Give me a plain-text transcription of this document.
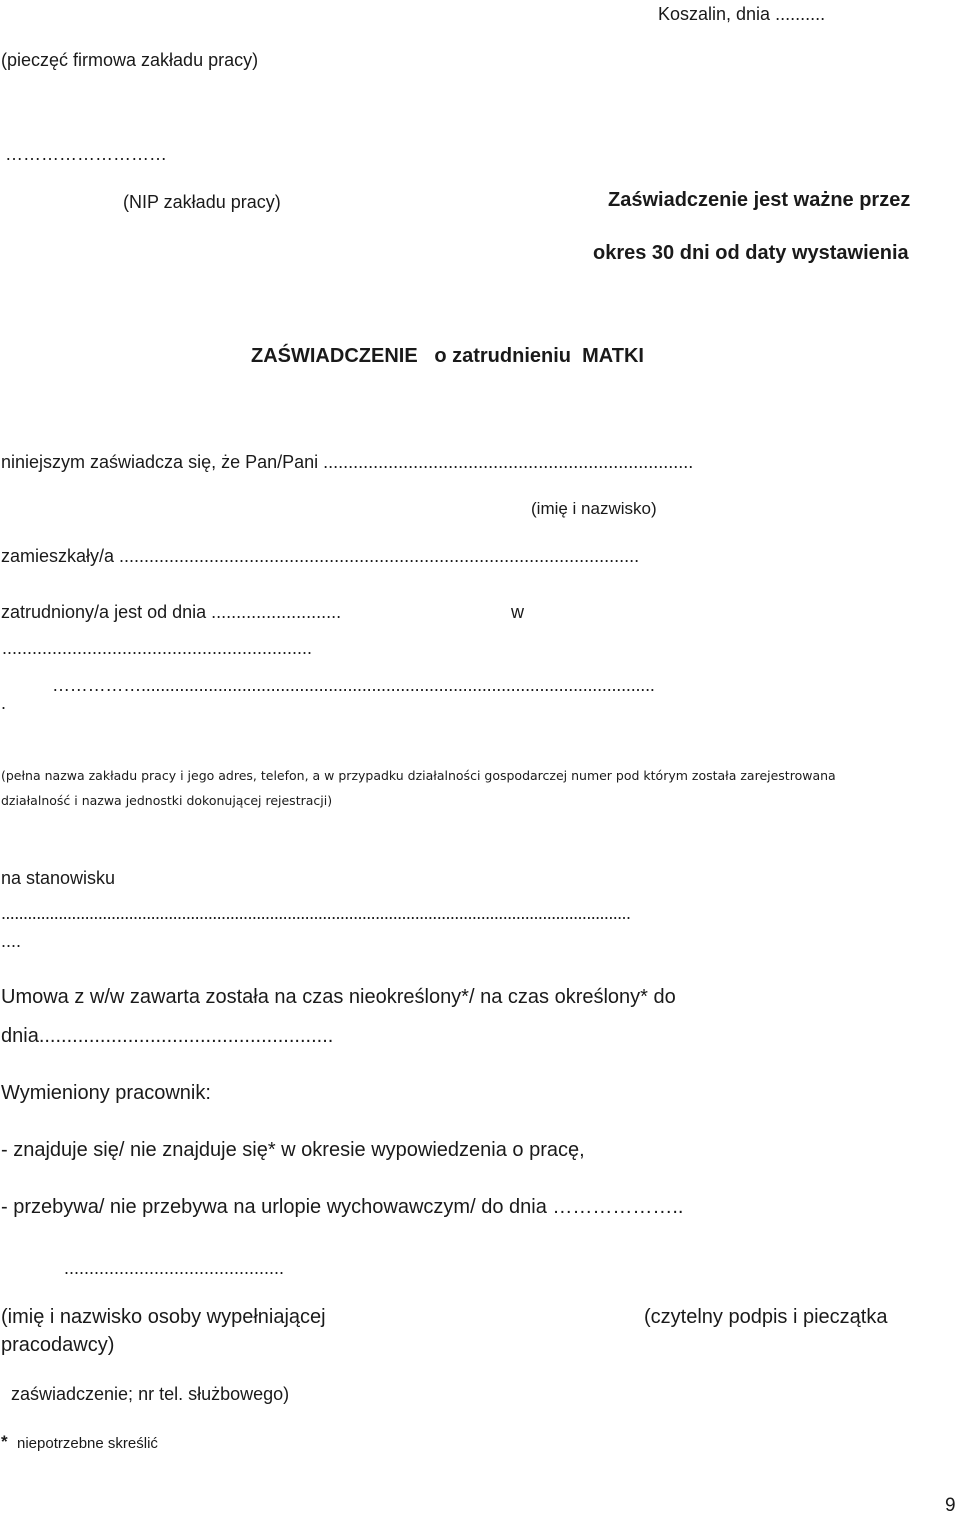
Koszalin, dnia ..........
(pieczęć firmowa zakładu pracy)
………………………
(NIP zakładu pracy)	Zaświadczenie jest ważne przez
okres 30 dni od daty wystawienia
ZAŚWIADCZENIE   o zatrudnieniu  MATKI
niniejszym zaświadcza się, że Pan/Pani ..........................................................................
(imię i nazwisko)
zamieszkały/a ........................................................................................................
zatrudniony/a jest od dnia ..........................	w
..............................................................
……………...........................................................................................................
.
(pełna nazwa zakładu pracy i jego adres, telefon, a w przypadku działalności gospodarczej numer pod którym została zarejestrowana
działalność i nazwa jednostki dokonującej rejestracji)
na stanowisku
...............................................................................................................................................
....
Umowa z w/w zawarta została na czas nieokreślony*/ na czas określony* do
dnia.....................................................
Wymieniony pracownik:
- znajduje się/ nie znajduje się* w okresie wypowiedzenia o pracę,
- przebywa/ nie przebywa na urlopie wychowawczym/ do dnia ………………..
............................................
(imię i nazwisko osoby wypełniającej
pracodawcy)
zaświadczenie; nr tel. służbowego)
(czytelny podpis i pieczątka
* niepotrzebne skreślić
9
